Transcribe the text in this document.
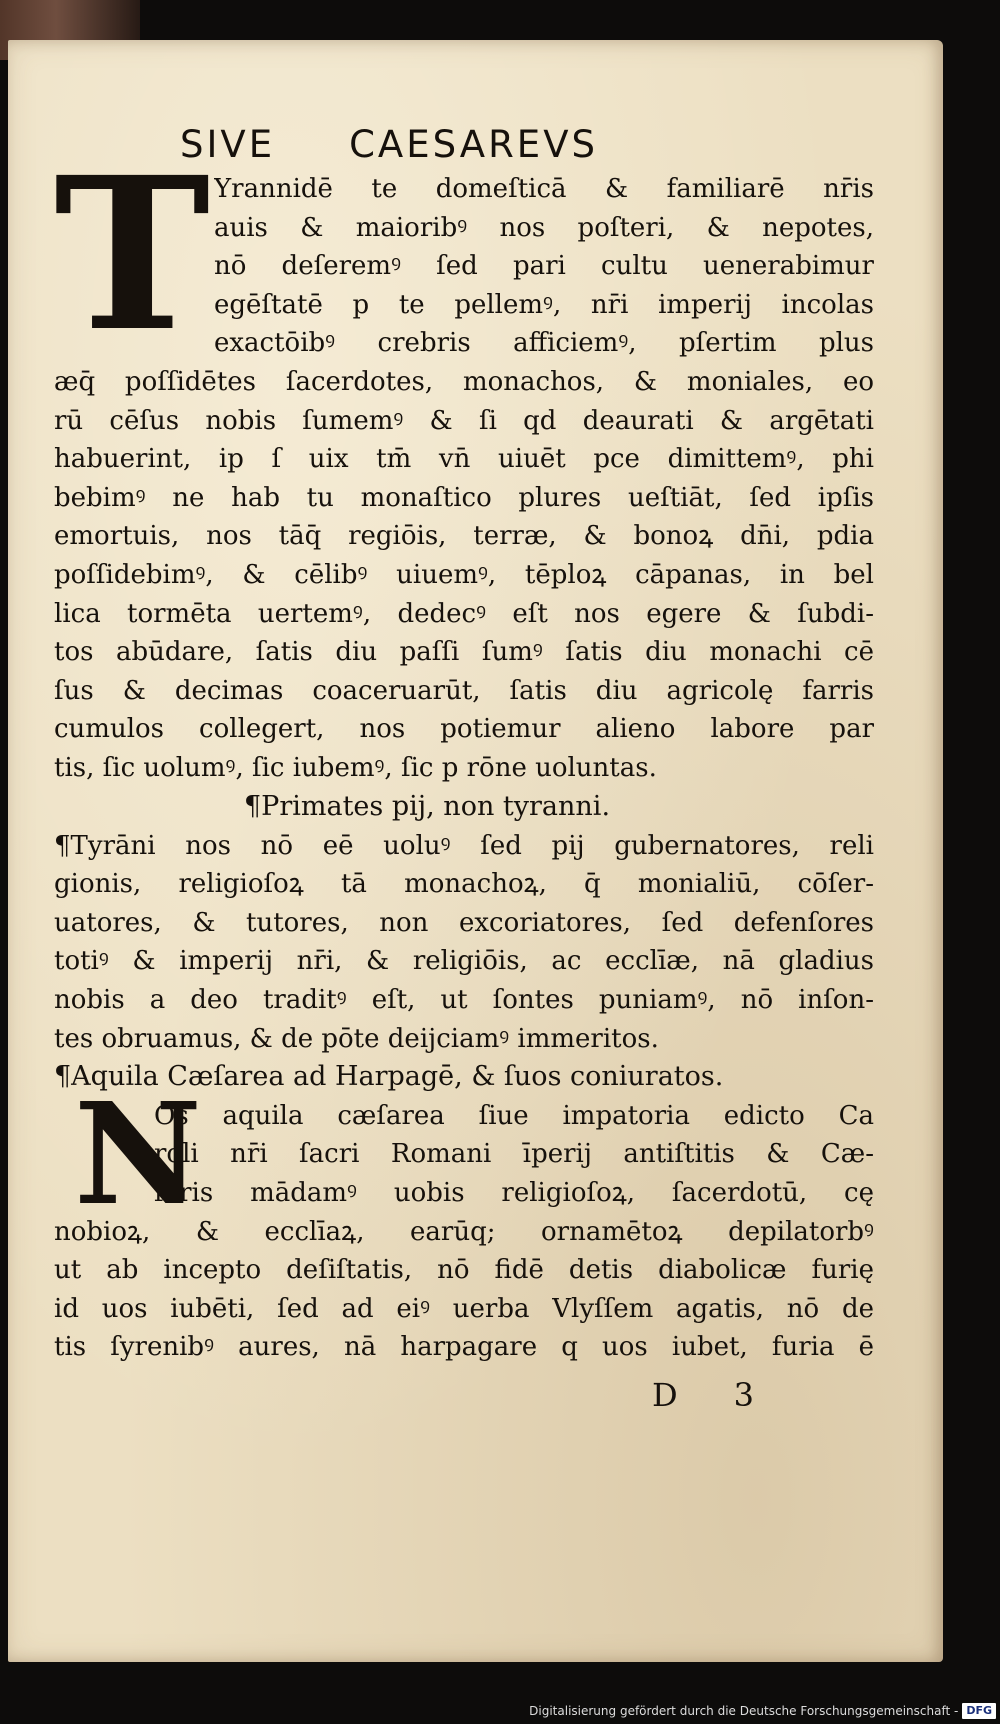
SIVE CAESAREVS
T Yrannidē te domeſticā & familiarē nr̄is
auis & maioribꝰ nos poſteri, & nepotes,
nō deſeremꝰ ſed pari cultu uenerabimur
egēſtatē p te pellemꝰ, nr̄i imperij incolas
exactōibꝰ crebris afficiemꝰ, pſertim plus
æq̄ poſſidētes ſacerdotes, monachos, & moniales, eo
rū cēſus nobis ſumemꝰ & ſi qd deaurati & argētati
habuerint, ip ſ uix tm̄ vn̄ uiuēt pce dimittemꝰ, phi
bebimꝰ ne hab tu monaſtico plures ueſtiāt, ſed ipſis
emortuis, nos tāq̄ regiōis, terræ, & bonoꝝ dn̄i, pdia
poſſidebimꝰ, & cēlibꝰ uiuemꝰ, tēploꝝ cāpanas, in bel
lica tormēta uertemꝰ, dedecꝰ eſt nos egere & ſubdi-
tos abūdare, ſatis diu paſſi ſumꝰ ſatis diu monachi cē
ſus & decimas coaceruarūt, ſatis diu agricolę farris
cumulos collegert, nos potiemur alieno labore par
tis, ſic uolumꝰ, ſic iubemꝰ, ſic p rōne uoluntas.
¶Primates pij, non tyranni.
¶Tyrāni nos nō eē uoluꝰ ſed pij gubernatores, reli
gionis, religioſoꝝ tā monachoꝝ, q̄ monialiū, cōſer-
uatores, & tutores, non excoriatores, ſed defenſores
totiꝰ & imperij nr̄i, & religiōis, ac ecclīæ, nā gladius
nobis a deo traditꝰ eſt, ut ſontes puniamꝰ, nō inſon-
tes obruamus, & de pōte deijciamꝰ immeritos.
¶Aquila Cæſarea ad Harpagē, & ſuos coniuratos.
N
Os aquila cæſarea ſiue impatoria edicto Ca
roli nr̄i ſacri Romani īperij antiſtitis & Cæ-
ſaris mādamꝰ uobis religioſoꝝ, ſacerdotū, cę
nobioꝝ, & ecclīaꝝ, earūq; ornamētoꝝ depilatorbꝰ
ut ab incepto deſiſtatis, nō fidē detis diabolicæ furię
id uos iubēti, ſed ad eiꝰ uerba Vlyſſem agatis, nō de
tis ſyrenibꝰ aures, nā harpagare q uos iubet, furia ē
D 3
Digitalisierung gefördert durch die Deutsche Forschungsgemeinschaft - DFG
